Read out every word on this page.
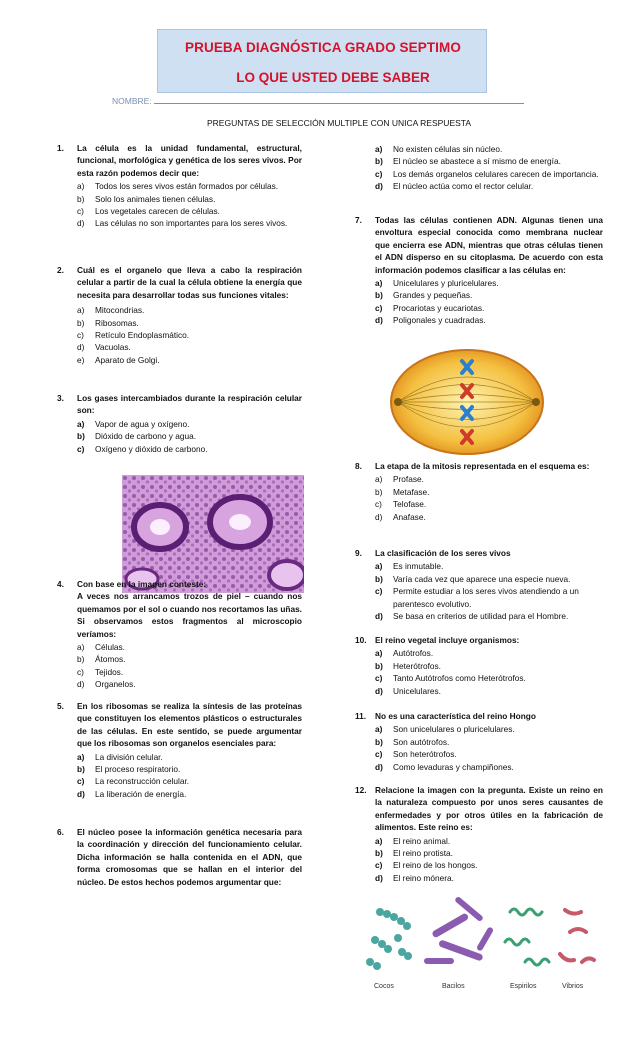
PRUEBA DIAGNÓSTICA GRADO SEPTIMO
LO QUE USTED DEBE SABER
NOMBRE:
PREGUNTAS DE SELECCIÓN MULTIPLE CON UNICA RESPUESTA
1. La célula es la unidad fundamental, estructural, funcional, morfológica y genética de los seres vivos. Por esta razón podemos decir que:
a)	Todos los seres vivos están formados por células.
b)	Solo los animales tienen células.
c)	Los vegetales carecen de células.
d)	Las células no son importantes para los seres vivos.
2. Cuál es el organelo que lleva a cabo la respiración celular a partir de la cual la célula obtiene la energía que necesita para desarrollar todas sus funciones vitales:
a)	Mitocondrias.
b)	Ribosomas.
c)	Retículo Endoplasmático.
d)	Vacuolas.
e)	Aparato de Golgi.
3. Los gases intercambiados durante la respiración celular son:
a)	Vapor de agua y oxígeno.
b)	Dióxido de carbono y agua.
c)	Oxígeno y dióxido de carbono.
4. Con base en la imagen conteste:
A veces nos arrancamos trozos de piel – cuando nos quemamos por el sol o cuando nos recortamos las uñas. Si observamos estos fragmentos al microscopio veríamos:
a)	Células.
b)	Átomos.
c)	Tejidos.
d)	Organelos.
5. En los ribosomas se realiza la síntesis de las proteínas que constituyen los elementos plásticos o estructurales de las células. En este sentido, se puede argumentar que los ribosomas son organelos esenciales para:
a)	La división celular.
b)	El proceso respiratorio.
c)	La reconstrucción celular.
d)	La liberación de energía.
6. El núcleo posee la información genética necesaria para la coordinación y dirección del funcionamiento celular. Dicha información se halla contenida en el ADN, que forma cromosomas que se hallan en el interior del núcleo. De estos hechos podemos argumentar que:
a)	No existen células sin núcleo.
b)	El núcleo se abastece a sí mismo de energía.
c)	Los demás organelos celulares carecen de importancia.
d)	El núcleo actúa como el rector celular.
7. Todas las células contienen ADN. Algunas tienen una envoltura especial conocida como membrana nuclear que encierra ese ADN, mientras que otras células tienen el ADN disperso en su citoplasma. De acuerdo con esta información podemos clasificar a las células en:
a)	Unicelulares y pluricelulares.
b)	Grandes y pequeñas.
c)	Procariotas y eucariotas.
d)	Poligonales y cuadradas.
8. La etapa de la mitosis representada en el esquema es:
a)	Profase.
b)	Metafase.
c)	Telofase.
d)	Anafase.
9. La clasificación de los seres vivos
a)	Es inmutable.
b)	Varía cada vez que aparece una especie nueva.
c)	Permite estudiar a los seres vivos atendiendo a un parentesco evolutivo.
d)	Se basa en criterios de utilidad para el Hombre.
10. El reino vegetal incluye organismos:
a)	Autótrofos.
b)	Heterótrofos.
c)	Tanto Autótrofos como Heterótrofos.
d)	Unicelulares.
11. No es una característica del reino Hongo
a)	Son unicelulares o pluricelulares.
b)	Son autótrofos.
c)	Son heterótrofos.
d)	Como levaduras y champiñones.
12. Relacione la imagen con la pregunta. Existe un reino en la naturaleza compuesto por unos seres causantes de enfermedades y por otros útiles en la fabricación de alimentos. Este reino es:
a)	El reino animal.
b)	El reino protista.
c)	El reino de los hongos.
d)	El reino mónera.
Cocos	Bacilos	Espirilos	Vibrios
